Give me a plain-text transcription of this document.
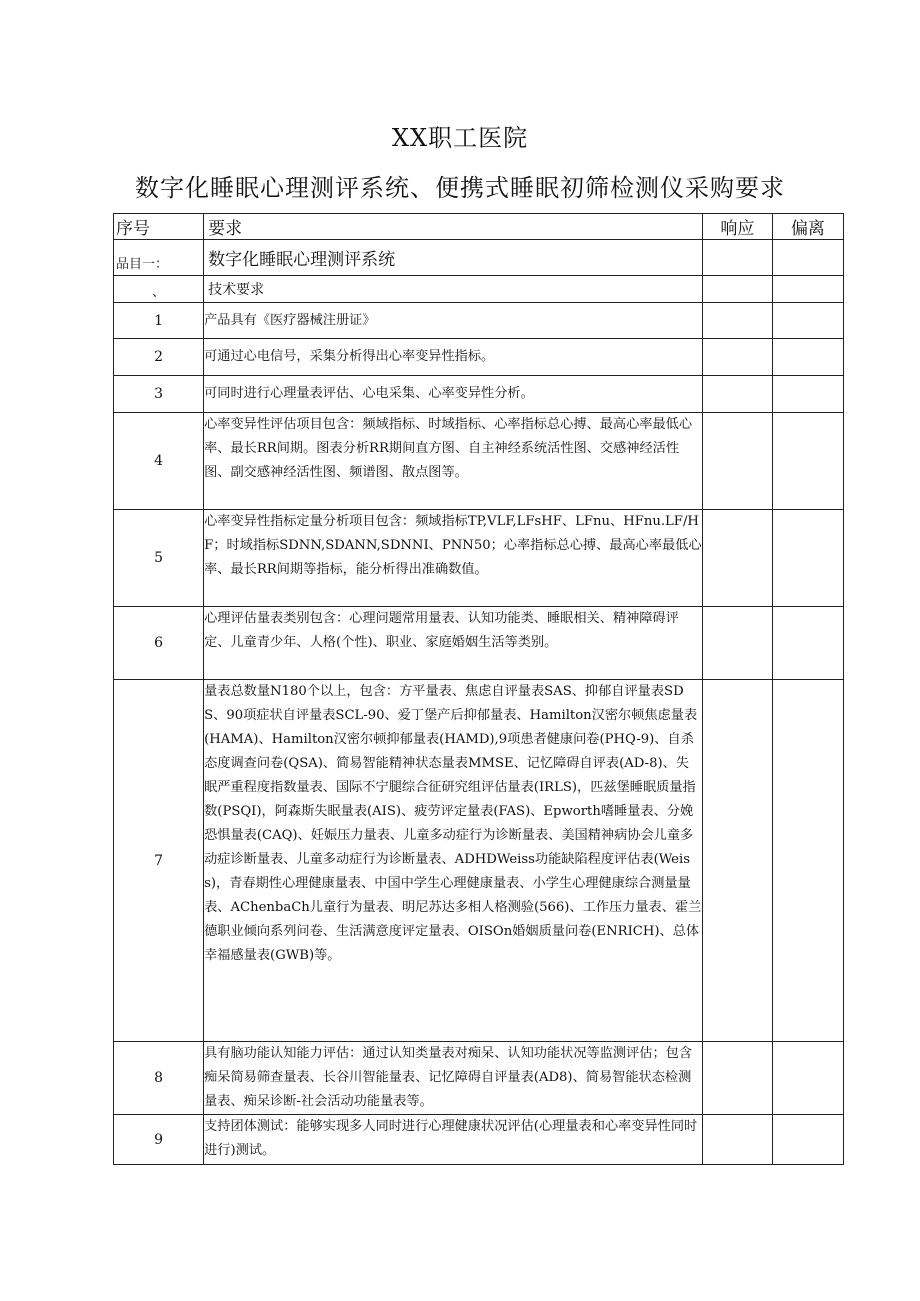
XX职工医院
数字化睡眠心理测评系统、便携式睡眠初筛检测仪采购要求
序号	要求	响应	偏离
品目一：	数字化睡眠心理测评系统		
、	技术要求		
1	产品具有《医疗器械注册证》		
2	可通过心电信号，采集分析得出心率变异性指标。		
3	可同时进行心理量表评估、心电采集、心率变异性分析。		
4	心率变异性评估项目包含：频域指标、时域指标、心率指标总心搏、最高心率最低心率、最长RR间期。图表分析RR期间直方图、自主神经系统活性图、交感神经活性图、副交感神经活性图、频谱图、散点图等。		
5	心率变异性指标定量分析项目包含：频域指标TP,VLF,LFsHF、LFnu、HFnu.LF/HF；时域指标SDNN,SDANN,SDNNI、PNN50；心率指标总心搏、最高心率最低心率、最长RR间期等指标，能分析得出准确数值。		
6	心理评估量表类别包含：心理问题常用量表、认知功能类、睡眠相关、精神障碍评定、儿童青少年、人格(个性)、职业、家庭婚姻生活等类别。		
7	量表总数量N180个以上，包含：方平量表、焦虑自评量表SAS、抑郁自评量表SDS、90项症状自评量表SCL-90、爱丁堡产后抑郁量表、Hamilton汉密尔顿焦虑量表(HAMA)、Hamilton汉密尔顿抑郁量表(HAMD),9项患者健康问卷(PHQ-9)、自杀态度调查问卷(QSA)、简易智能精神状态量表MMSE、记忆障碍自评表(AD-8)、失眠严重程度指数量表、国际不宁腿综合征研究组评估量表(IRLS)，匹兹堡睡眠质量指数(PSQI)，阿森斯失眠量表(AIS)、疲劳评定量表(FAS)、Epworth嗜睡量表、分娩恐惧量表(CAQ)、妊娠压力量表、儿童多动症行为诊断量表、美国精神病协会儿童多动症诊断量表、儿童多动症行为诊断量表、ADHDWeiss功能缺陷程度评估表(Weiss)，青春期性心理健康量表、中国中学生心理健康量表、小学生心理健康综合测量量表、AChenbaCh儿童行为量表、明尼苏达多相人格测验(566)、工作压力量表、霍兰德职业倾向系列问卷、生活满意度评定量表、OISOn婚姻质量问卷(ENRICH)、总体幸福感量表(GWB)等。		
8	具有脑功能认知能力评估：通过认知类量表对痴呆、认知功能状况等监测评估；包含痴呆简易筛查量表、长谷川智能量表、记忆障碍自评量表(AD8)、简易智能状态检测量表、痴呆诊断-社会活动功能量表等。		
9	支持团体测试：能够实现多人同时进行心理健康状况评估(心理量表和心率变异性同时进行)测试。		
